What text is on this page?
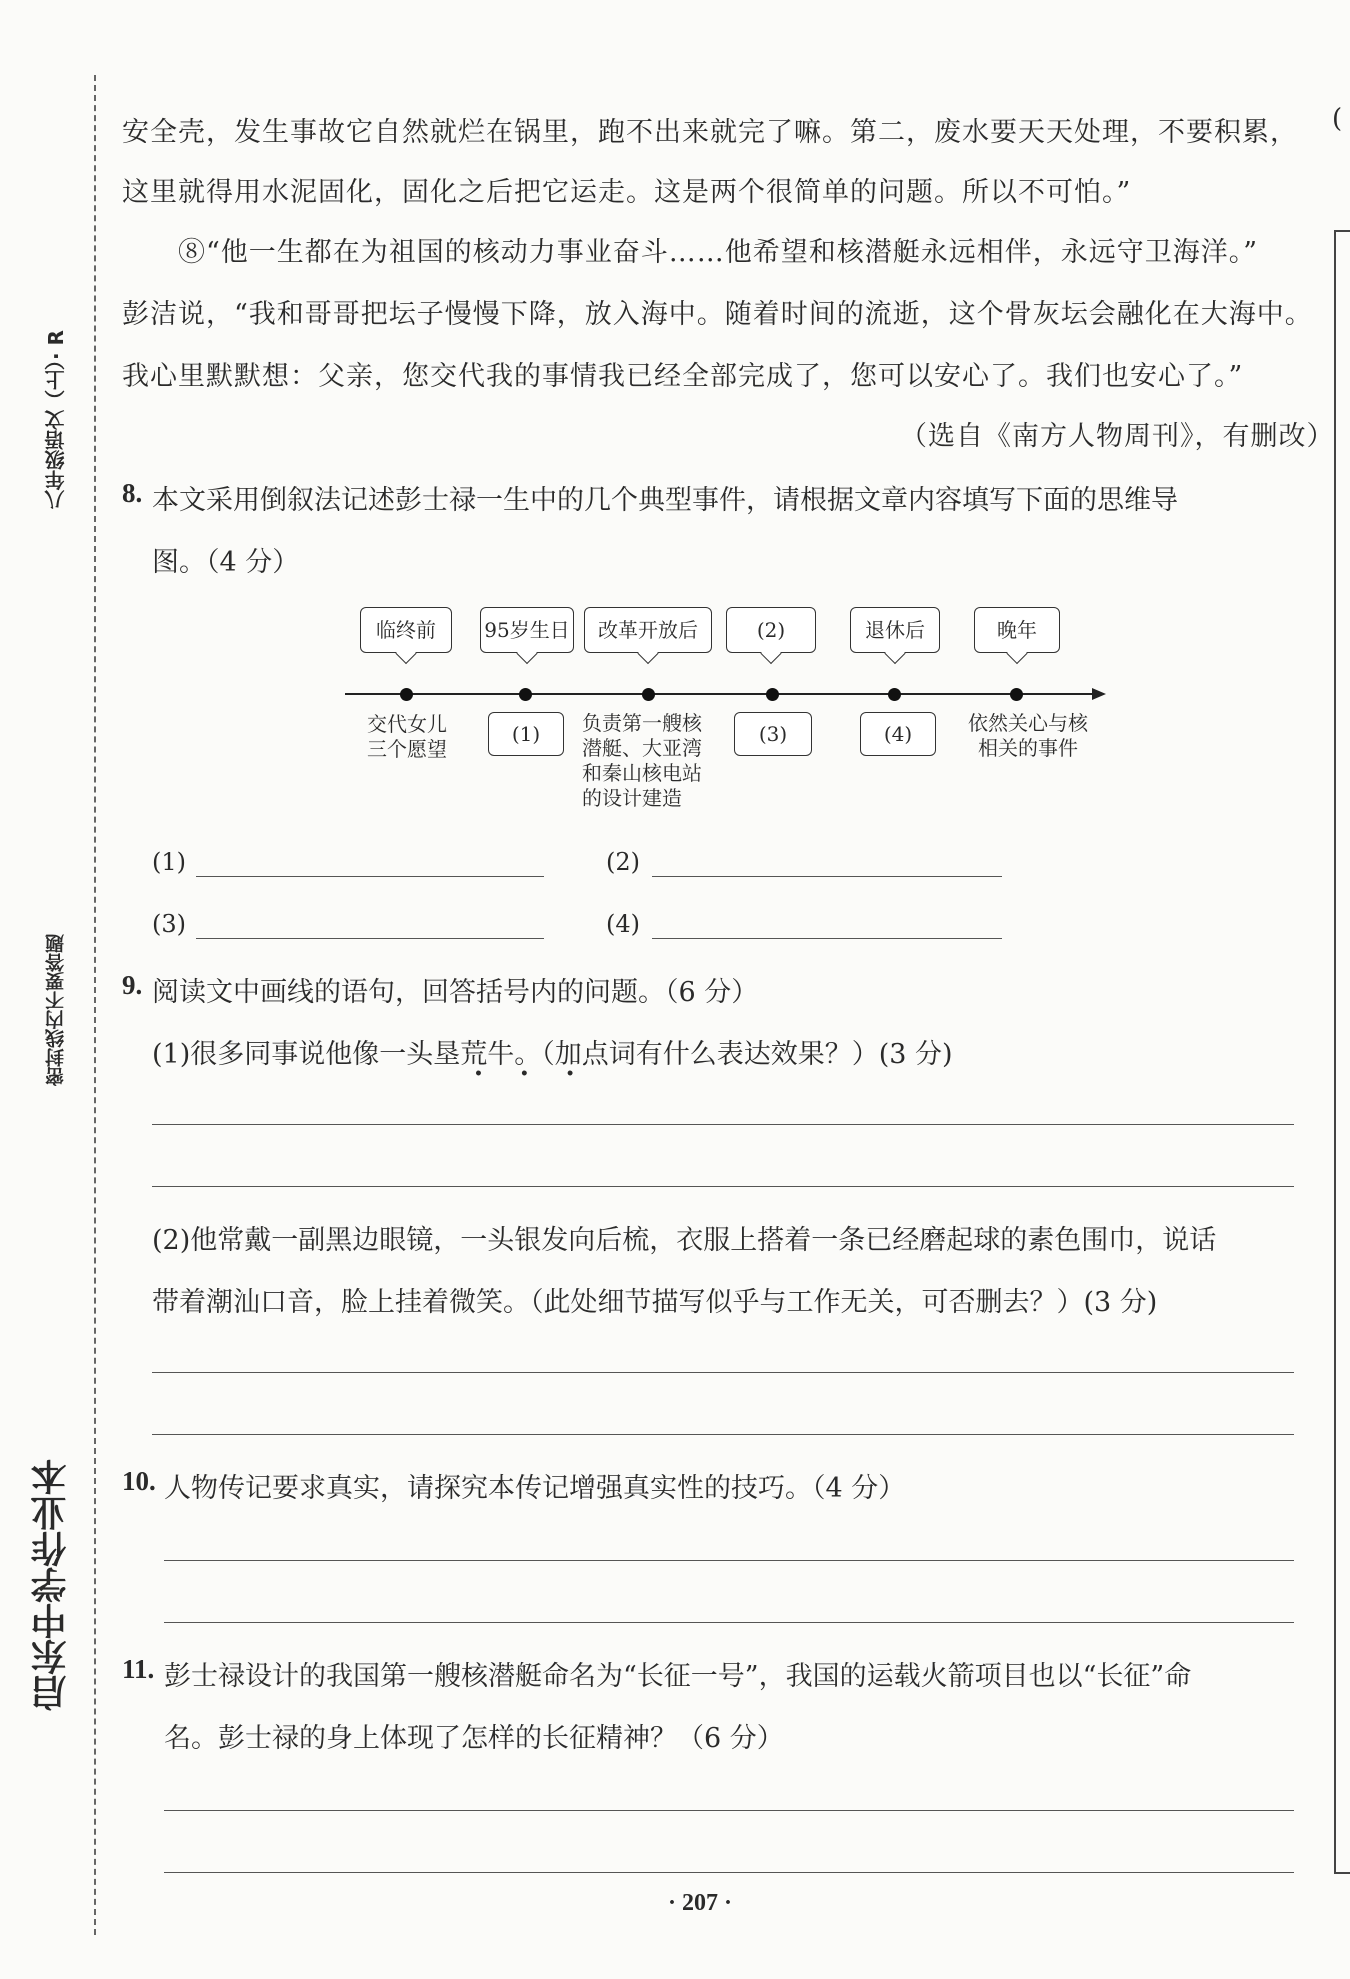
八年级语文（上）· R
密封线内不要答题
启东中学作业本
(
安全壳，发生事故它自然就烂在锅里，跑不出来就完了嘛。第二，废水要天天处理，不要积累，
这里就得用水泥固化，固化之后把它运走。这是两个很简单的问题。所以不可怕。”
⑧“他一生都在为祖国的核动力事业奋斗……他希望和核潜艇永远相伴，永远守卫海洋。”
彭洁说，“我和哥哥把坛子慢慢下降，放入海中。随着时间的流逝，这个骨灰坛会融化在大海中。
我心里默默想：父亲，您交代我的事情我已经全部完成了，您可以安心了。我们也安心了。”
（选自《南方人物周刊》，有删改）
8. 本文采用倒叙法记述彭士禄一生中的几个典型事件，请根据文章内容填写下面的思维导
图。（4 分）
临终前	95岁生日	改革开放后	(2)	退休后	晚年
交代女儿
三个愿望
(1)	负责第一艘核
潜艇、大亚湾
和秦山核电站
的设计建造
(3)	(4)	依然关心与核
相关的事件
(1)	(2)
(3)	(4)
9. 阅读文中画线的语句，回答括号内的问题。（6 分）
(1)很多同事说他像一头垦荒牛。（加点词有什么表达效果？）(3 分)
• • •
(2)他常戴一副黑边眼镜，一头银发向后梳，衣服上搭着一条已经磨起球的素色围巾，说话
带着潮汕口音，脸上挂着微笑。（此处细节描写似乎与工作无关，可否删去？）(3 分)
10. 人物传记要求真实，请探究本传记增强真实性的技巧。（4 分）
11. 彭士禄设计的我国第一艘核潜艇命名为“长征一号”，我国的运载火箭项目也以“长征”命
名。彭士禄的身上体现了怎样的长征精神？（6 分）
· 207 ·
